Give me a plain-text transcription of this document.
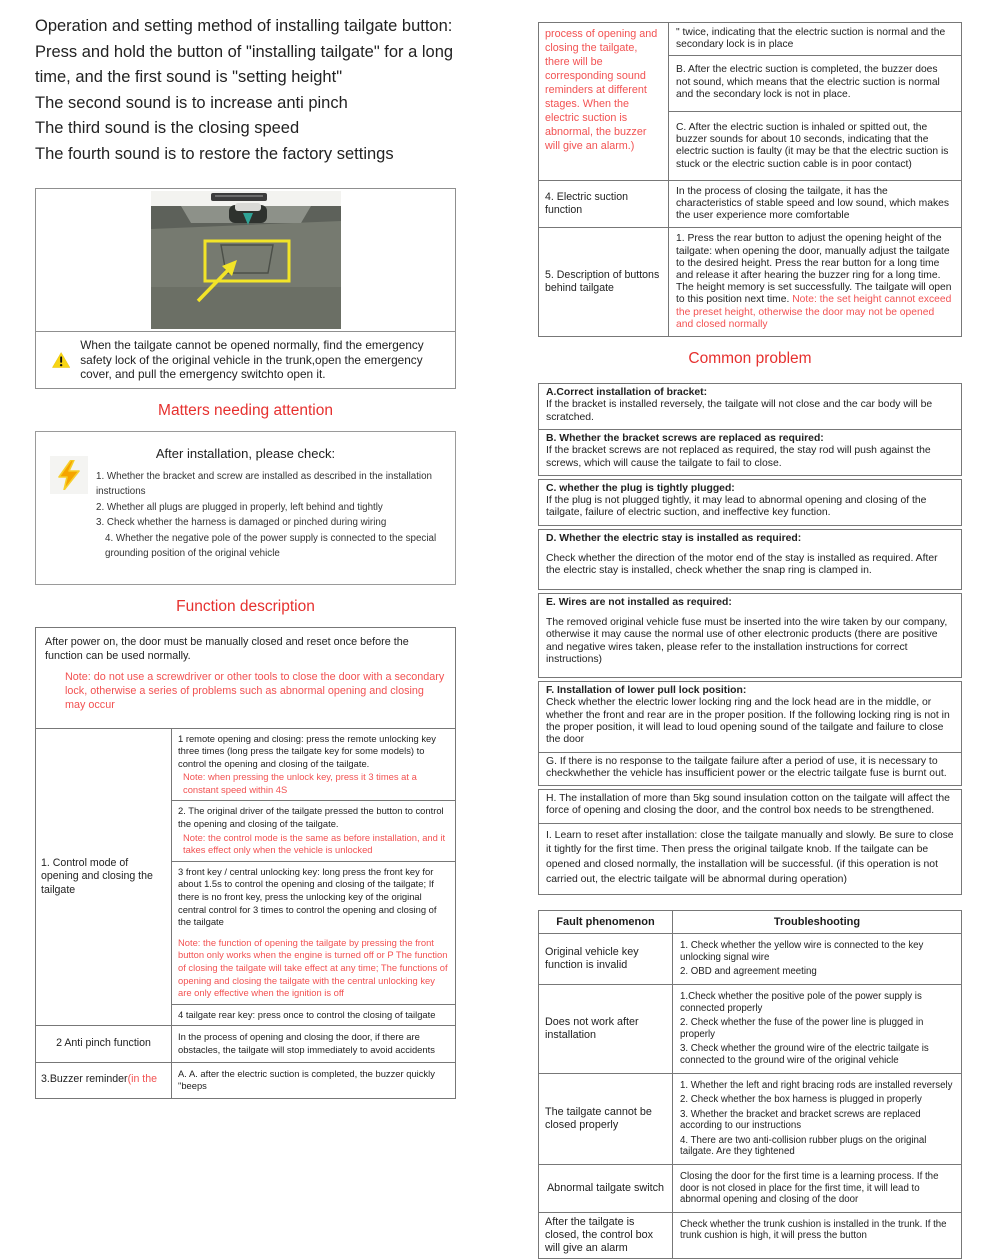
Operation and setting method of installing tailgate button:
Press and hold the button of "installing tailgate" for a long
time, and the first sound is "setting height"
The second sound is to increase anti pinch
The third sound is the closing speed
The fourth sound is to restore the factory settings
When the tailgate cannot be opened normally, find the emergency safety lock of the original vehicle in the trunk,open the emergency cover, and pull the emergency switchto open it.
Matters needing attention
After installation, please check:
1. Whether the bracket and screw are installed as described in the installation instructions
2. Whether all plugs are plugged in properly, left behind and tightly
3. Check whether the harness is damaged or pinched during wiring
4. Whether the negative pole of the power supply is connected to the special grounding position of the original vehicle
Function description
After power on, the door must be manually closed and reset once before the function can be used normally.
Note: do not use a screwdriver or other tools to close the door with a secondary lock, otherwise a series of problems such as abnormal opening and closing may occur
1. Control mode of opening and closing the tailgate
1 remote opening and closing: press the remote unlocking key three times (long press the tailgate key for some models) to control the opening and closing of the tailgate.
Note: when pressing the unlock key, press it 3 times at a constant speed within 4S
2. The original driver of the tailgate pressed the button to control the opening and closing of the tailgate.
Note: the control mode is the same as before installation, and it takes effect only when the vehicle is unlocked
3 front key / central unlocking key: long press the front key for about 1.5s to control the opening and closing of the tailgate; If there is no front key, press the unlocking key of the original central control for 3 times to control the opening and closing of the tailgate
Note: the function of opening the tailgate by pressing the front button only works when the engine is turned off or P The function of closing the tailgate will take effect at any time; The functions of opening and closing the tailgate with the central unlocking key are only effective when the ignition is off
4 tailgate rear key: press once to control the closing of tailgate
2 Anti pinch function
In the process of opening and closing the door, if there are obstacles, the tailgate will stop immediately to avoid accidents
3.Buzzer reminder(in the
A. A. after the electric suction is completed, the buzzer quickly "beeps
process of opening and closing the tailgate, there will be corresponding sound reminders at different stages. When the electric suction is abnormal, the buzzer will give an alarm.)
" twice, indicating that the electric suction is normal and the secondary lock is in place
B. After the electric suction is completed, the buzzer does not sound, which means that the electric suction is normal and the secondary lock is not in place.
C. After the electric suction is inhaled or spitted out, the buzzer sounds for about 10 seconds, indicating that the electric suction is faulty (it may be that the electric suction is stuck or the electric suction cable is in poor contact)
4. Electric suction function
In the process of closing the tailgate, it has the characteristics of stable speed and low sound, which makes the user experience more comfortable
5. Description of buttons behind tailgate
1. Press the rear button to adjust the opening height of the tailgate: when opening the door, manually adjust the tailgate to the desired height. Press the rear button for a long time and release it after hearing the buzzer ring for a long time. The height memory is set successfully. The tailgate will open to this position next time. Note: the set height cannot exceed the preset height, otherwise the door may not be opened and closed normally
Common problem
A.Correct installation of bracket:
If the bracket is installed reversely, the tailgate will not close and the car body will be scratched.
B. Whether the bracket screws are replaced as required:
If the bracket screws are not replaced as required, the stay rod will push against the screws, which will cause the tailgate to fail to close.
C. whether the plug is tightly plugged:
If the plug is not plugged tightly, it may lead to abnormal opening and closing of the tailgate, failure of electric suction, and ineffective key function.
D. Whether the electric stay is installed as required:
Check whether the direction of the motor end of the stay is installed as required. After the electric stay is installed, check whether the snap ring is clamped in.
E. Wires are not installed as required:
The removed original vehicle fuse must be inserted into the wire taken by our company, otherwise it may cause the normal use of other electronic products (there are positive and negative wires taken, please refer to the installation instructions for correct instructions)
F. Installation of lower pull lock position:
Check whether the electric lower locking ring and the lock head are in the middle, or whether the front and rear are in the proper position. If the following locking ring is not in the proper position, it will lead to loud opening sound of the tailgate and failure to close the door
G. If there is no response to the tailgate failure after a period of use, it is necessary to checkwhether the vehicle has insufficient power or the electric tailgate fuse is burnt out.
H. The installation of more than 5kg sound insulation cotton on the tailgate will affect the force of opening and closing the door, and the control box needs to be strengthened.
I. Learn to reset after installation: close the tailgate manually and slowly. Be sure to close it tightly for the first time. Then press the original tailgate knob. If the tailgate can be opened and closed normally, the installation will be successful. (if this operation is not carried out, the electric tailgate will be abnormal during operation)
Fault phenomenon	Troubleshooting
Original vehicle key function is invalid
1. Check whether the yellow wire is connected to the key unlocking signal wire
2. OBD and agreement meeting
Does not work after installation
1.Check whether the positive pole of the power supply is connected properly
2. Check whether the fuse of the power line is plugged in properly
3. Check whether the ground wire of the electric tailgate is connected to the ground wire of the original vehicle
The tailgate cannot be closed properly
1. Whether the left and right bracing rods are installed reversely
2. Check whether the box harness is plugged in properly
3. Whether the bracket and bracket screws are replaced according to our instructions
4. There are two anti-collision rubber plugs on the original tailgate. Are they tightened
Abnormal tailgate switch
Closing the door for the first time is a learning process. If the door is not closed in place for the first time, it will lead to abnormal opening and closing of the door
After the tailgate is closed, the control box will give an alarm
Check whether the trunk cushion is installed in the trunk. If the trunk cushion is high, it will press the button
